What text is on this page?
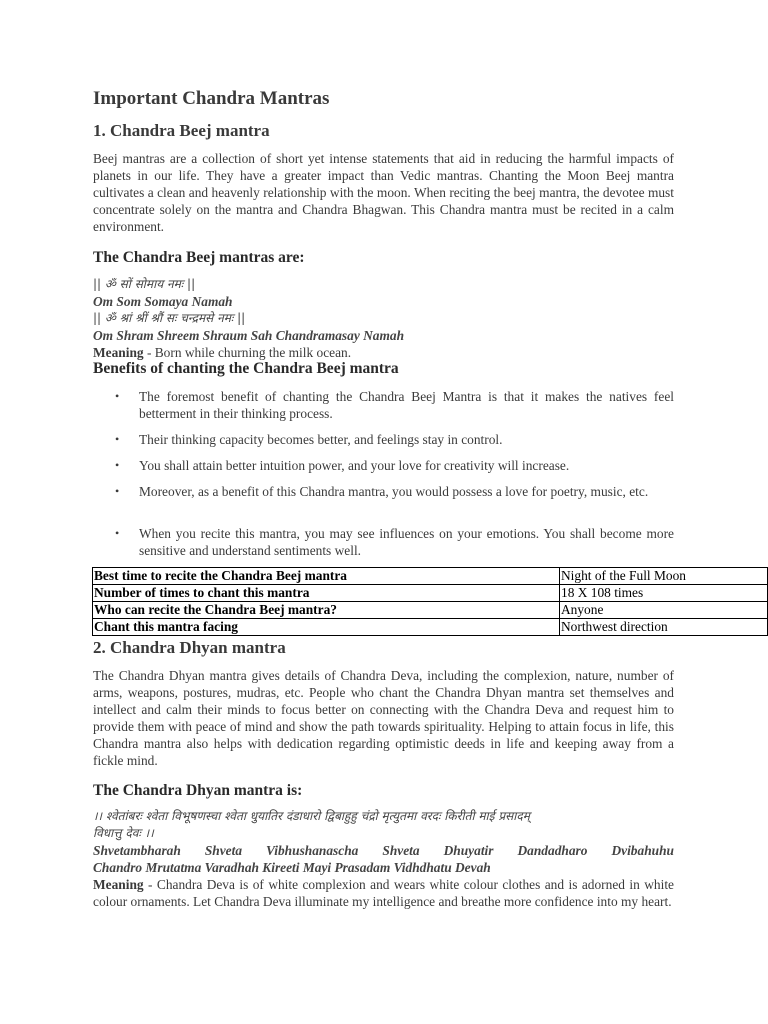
Important Chandra Mantras
1. Chandra Beej mantra

Beej mantras are a collection of short yet intense statements that aid in reducing the harmful impacts of planets in our life. They have a greater impact than Vedic mantras. Chanting the Moon Beej mantra cultivates a clean and heavenly relationship with the moon. When reciting the beej mantra, the devotee must concentrate solely on the mantra and Chandra Bhagwan. This Chandra mantra must be recited in a calm environment.

The Chandra Beej mantras are:

|| ॐ सों सोमाय नमः ||

Om Som Somaya Namah

|| ॐ श्रां श्रीं श्रौं सः चन्द्रमसे नमः ||

Om Shram Shreem Shraum Sah Chandramasay Namah

Meaning - Born while churning the milk ocean.

Benefits of chanting the Chandra Beej mantra
• The foremost benefit of chanting the Chandra Beej Mantra is that it makes the natives feel betterment in their thinking process.
• Their thinking capacity becomes better, and feelings stay in control.
• You shall attain better intuition power, and your love for creativity will increase.
• Moreover, as a benefit of this Chandra mantra, you would possess a love for poetry, music, etc.
• When you recite this mantra, you may see influences on your emotions. You shall become more sensitive and understand sentiments well.
Best time to recite the Chandra Beej mantra	Night of the Full Moon
Number of times to chant this mantra	18 X 108 times
Who can recite the Chandra Beej mantra?	Anyone
Chant this mantra facing	Northwest direction
2. Chandra Dhyan mantra

The Chandra Dhyan mantra gives details of Chandra Deva, including the complexion, nature, number of arms, weapons, postures, mudras, etc. People who chant the Chandra Dhyan mantra set themselves and intellect and calm their minds to focus better on connecting with the Chandra Deva and request him to provide them with peace of mind and show the path towards spirituality. Helping to attain focus in life, this Chandra mantra also helps with dedication regarding optimistic deeds in life and keeping away from a fickle mind.

The Chandra Dhyan mantra is:

।। श्वेतांबरः श्वेता विभूषणस्चा श्वेता धुयातिर दंडाधारो द्विबाहुहु चंद्रो मृत्युतमा वरदः किरीती माई प्रसादम्

विधात्तु देवः ।।

Shvetambharah Shveta Vibhushanascha Shveta Dhuyatir Dandadharo Dvibahuhu

Chandro Mrutatma Varadhah Kireeti Mayi Prasadam Vidhdhatu Devah

Meaning - Chandra Deva is of white complexion and wears white colour clothes and is adorned in white colour ornaments. Let Chandra Deva illuminate my intelligence and breathe more confidence into my heart.
